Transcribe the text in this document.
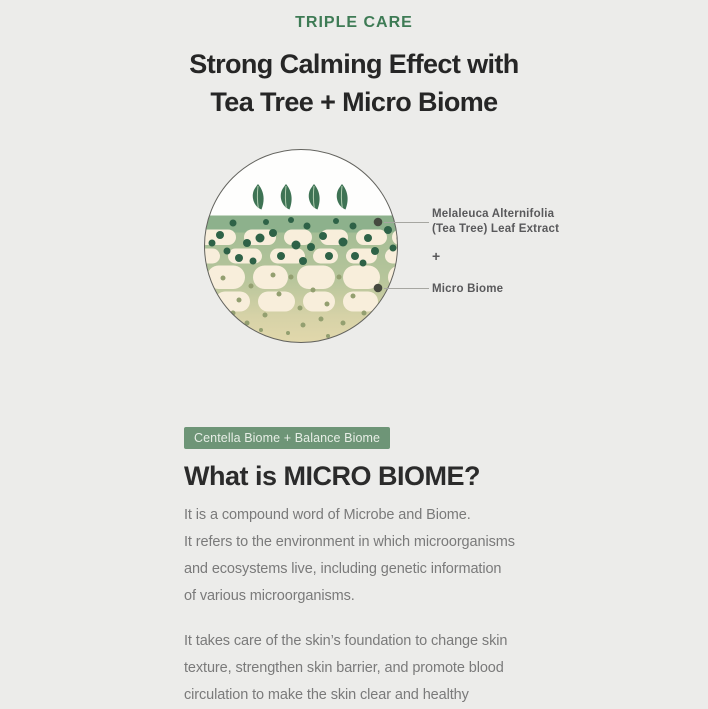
TRIPLE CARE
Strong Calming Effect with
Tea Tree + Micro Biome
Melaleuca Alternifolia
(Tea Tree) Leaf Extract
+
Micro Biome
Centella Biome + Balance Biome
What is MICRO BIOME?
It is a compound word of Microbe and Biome.
It refers to the environment in which microorganisms
and ecosystems live, including genetic information
of various microorganisms.
It takes care of the skin’s foundation to change skin
texture, strengthen skin barrier, and promote blood
circulation to make the skin clear and healthy
